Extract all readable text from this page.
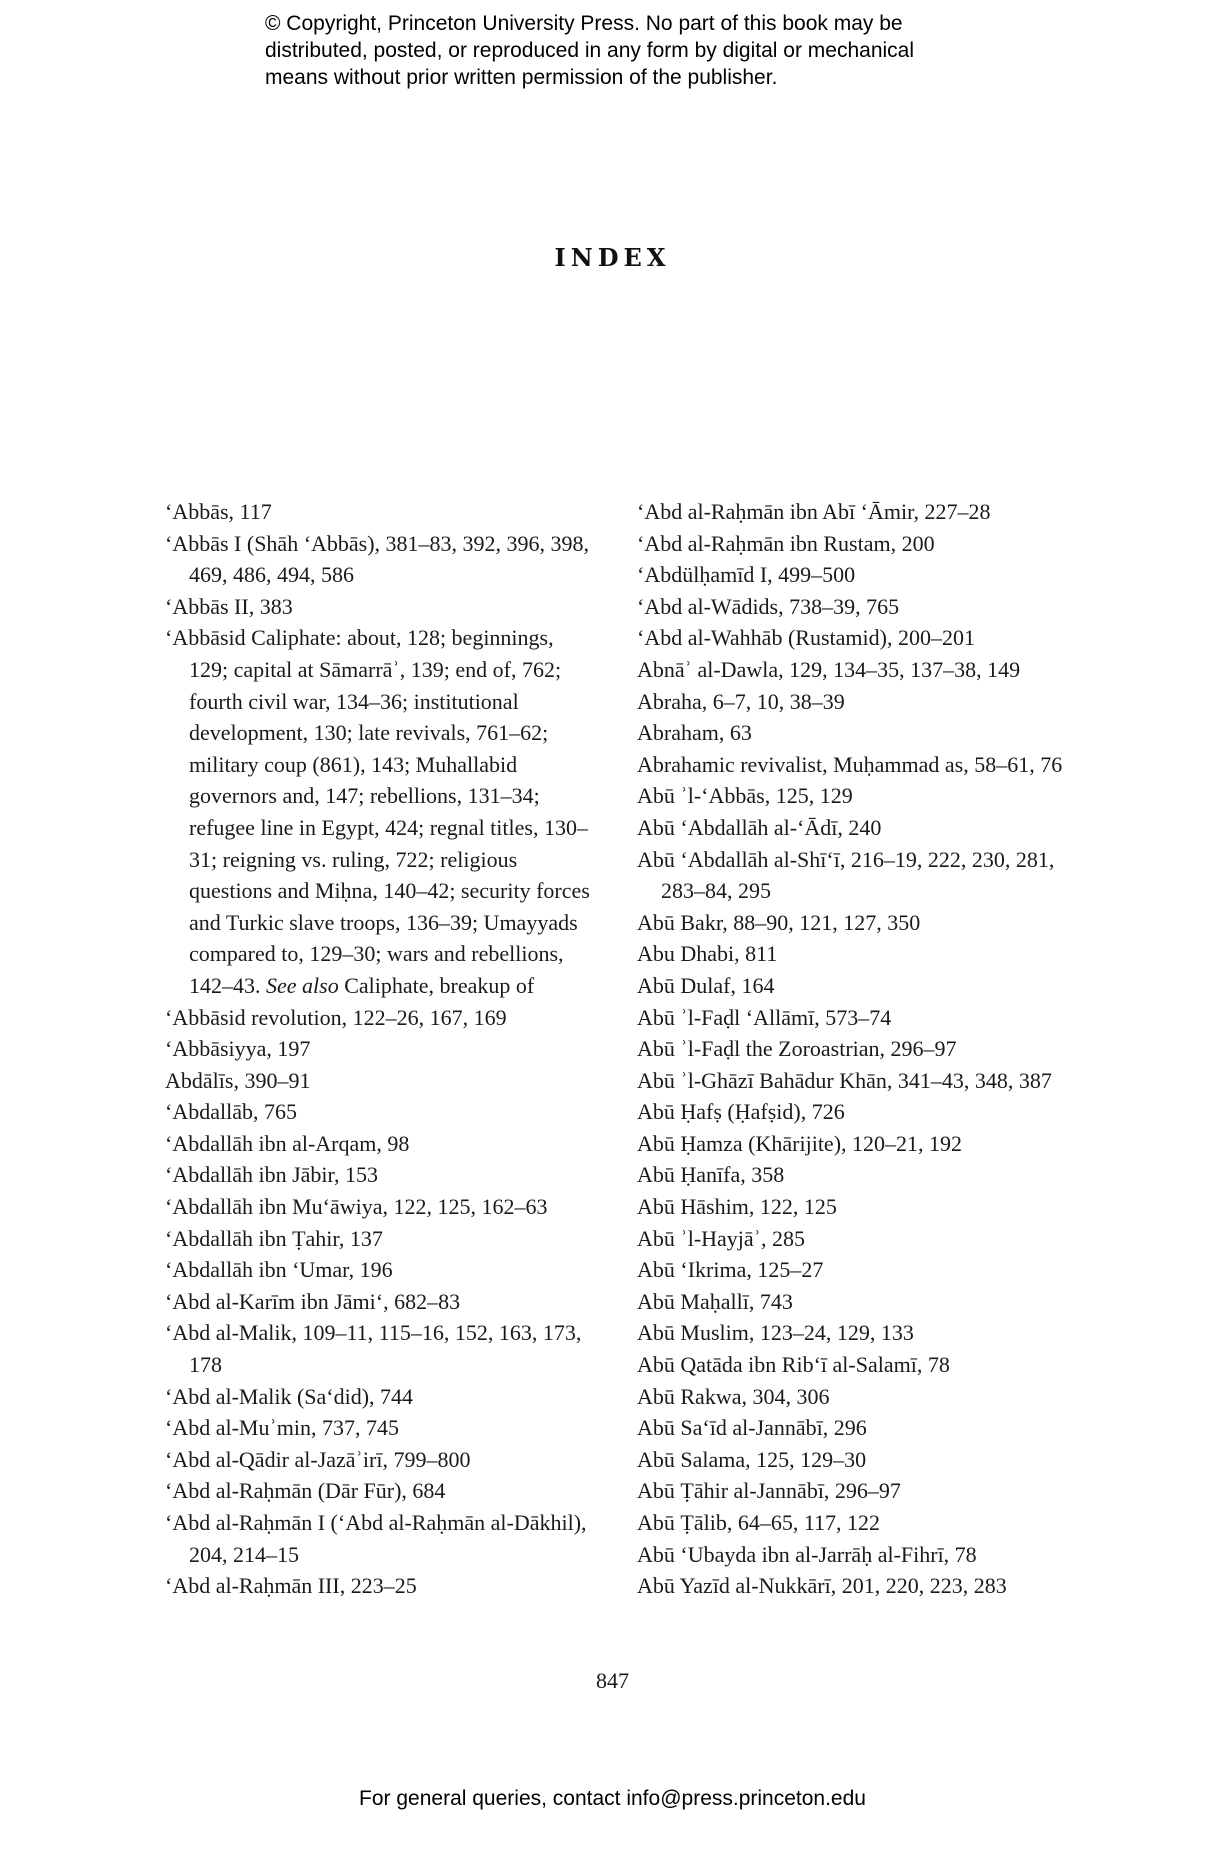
© Copyright, Princeton University Press. No part of this book may be
distributed, posted, or reproduced in any form by digital or mechanical
means without prior written permission of the publisher.
INDEX

ʻAbbās, 117

ʻAbbās I (Shāh ʻAbbās), 381–83, 392, 396, 398, 469, 486, 494, 586

ʻAbbās II, 383

ʻAbbāsid Caliphate: about, 128; beginnings, 129; capital at Sāmarrāʾ, 139; end of, 762; fourth civil war, 134–36; institutional development, 130; late revivals, 761–62; military coup (861), 143; Muhallabid governors and, 147; rebellions, 131–34; refugee line in Egypt, 424; regnal titles, 130–31; reigning vs. ruling, 722; religious questions and Miḥna, 140–42; security forces and Turkic slave troops, 136–39; Umayyads compared to, 129–30; wars and rebellions, 142–43. See also Caliphate, breakup of

ʻAbbāsid revolution, 122–26, 167, 169

ʻAbbāsiyya, 197

Abdālīs, 390–91

ʻAbdallāb, 765

ʻAbdallāh ibn al-Arqam, 98

ʻAbdallāh ibn Jābir, 153

ʻAbdallāh ibn Muʻāwiya, 122, 125, 162–63

ʻAbdallāh ibn Ṭahir, 137

ʻAbdallāh ibn ʻUmar, 196

ʻAbd al-Karīm ibn Jāmiʻ, 682–83

ʻAbd al-Malik, 109–11, 115–16, 152, 163, 173, 178

ʻAbd al-Malik (Saʻdid), 744

ʻAbd al-Muʾmin, 737, 745

ʻAbd al-Qādir al-Jazāʾirī, 799–800

ʻAbd al-Raḥmān (Dār Fūr), 684

ʻAbd al-Raḥmān I (ʻAbd al-Raḥmān al-Dākhil), 204, 214–15

ʻAbd al-Raḥmān III, 223–25

ʻAbd al-Raḥmān ibn Abī ʻĀmir, 227–28

ʻAbd al-Raḥmān ibn Rustam, 200

ʻAbdülḥamīd I, 499–500

ʻAbd al-Wādids, 738–39, 765

ʻAbd al-Wahhāb (Rustamid), 200–201

Abnāʾ al-Dawla, 129, 134–35, 137–38, 149

Abraha, 6–7, 10, 38–39

Abraham, 63

Abrahamic revivalist, Muḥammad as, 58–61, 76

Abū ʾl-ʻAbbās, 125, 129

Abū ʻAbdallāh al-ʻĀdī, 240

Abū ʻAbdallāh al-Shīʻī, 216–19, 222, 230, 281, 283–84, 295

Abū Bakr, 88–90, 121, 127, 350

Abu Dhabi, 811

Abū Dulaf, 164

Abū ʾl-Faḍl ʻAllāmī, 573–74

Abū ʾl-Faḍl the Zoroastrian, 296–97

Abū ʾl-Ghāzī Bahādur Khān, 341–43, 348, 387

Abū Ḥafṣ (Ḥafṣid), 726

Abū Ḥamza (Khārijite), 120–21, 192

Abū Ḥanīfa, 358

Abū Hāshim, 122, 125

Abū ʾl-Hayjāʾ, 285

Abū ʻIkrima, 125–27

Abū Maḥallī, 743

Abū Muslim, 123–24, 129, 133

Abū Qatāda ibn Ribʻī al-Salamī, 78

Abū Rakwa, 304, 306

Abū Saʻīd al-Jannābī, 296

Abū Salama, 125, 129–30

Abū Ṭāhir al-Jannābī, 296–97

Abū Ṭālib, 64–65, 117, 122

Abū ʻUbayda ibn al-Jarrāḥ al-Fihrī, 78

Abū Yazīd al-Nukkārī, 201, 220, 223, 283

847
For general queries, contact info@press.princeton.edu
